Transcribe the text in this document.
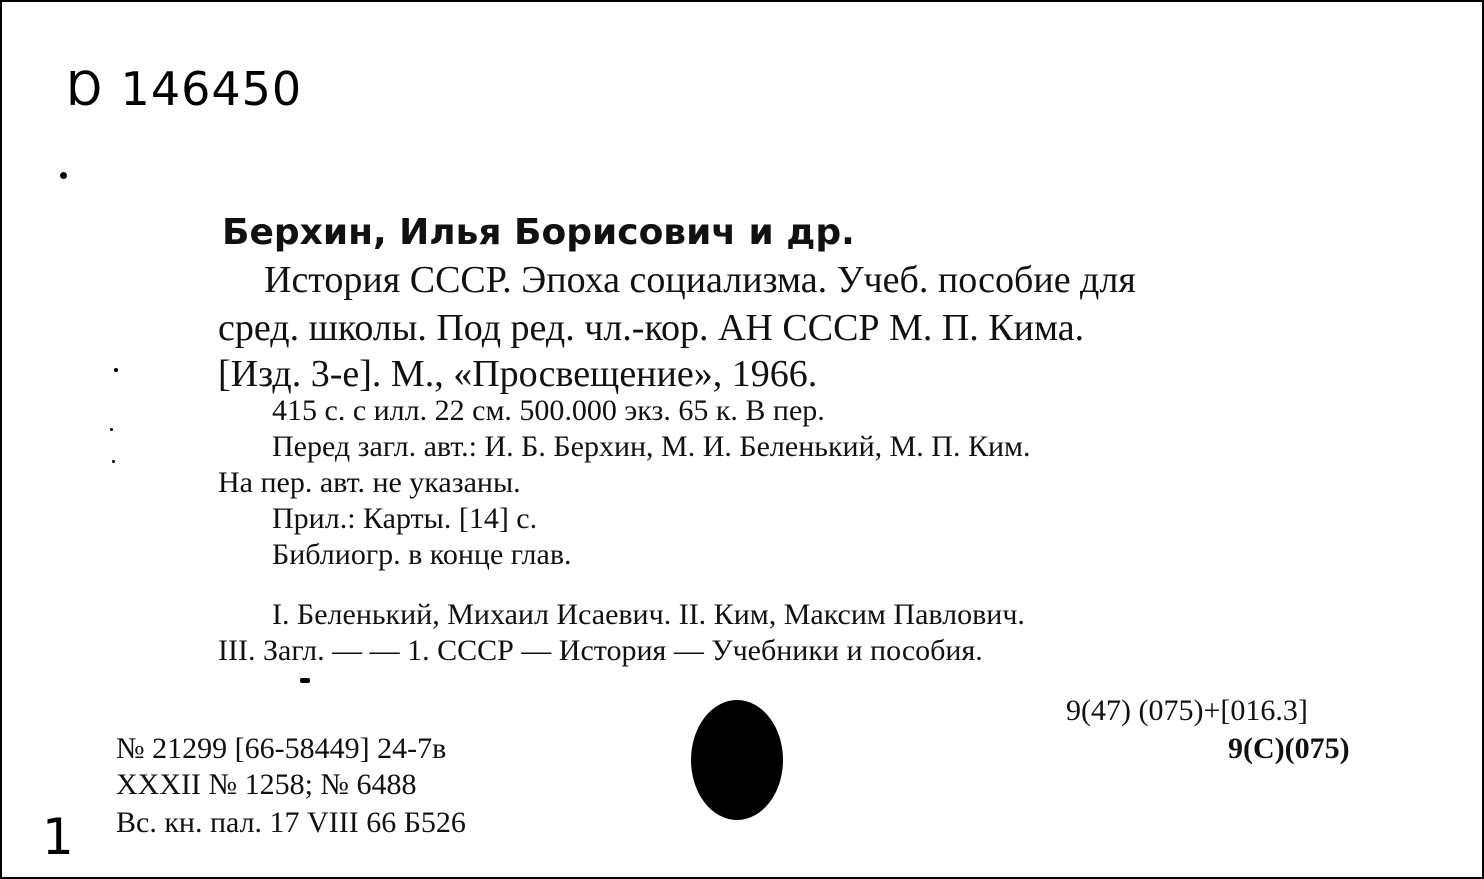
Ɒ 146450
Берхин, Илья Борисович и др.
История СССР. Эпоха социализма. Учеб. пособие для
сред. школы. Под ред. чл.-кор. АН СССР М. П. Кима.
[Изд. 3-е]. М., «Просвещение», 1966.
415 с. с илл. 22 см. 500.000 экз. 65 к. В пер.
Перед загл. авт.: И. Б. Берхин, М. И. Беленький, М. П. Ким.
На пер. авт. не указаны.
Прил.: Карты. [14] с.
Библиогр. в конце глав.
I. Беленький, Михаил Исаевич. II. Ким, Максим Павлович.
III. Загл. — — 1. СССР — История — Учебники и пособия.
9(47) (075)+[016.3]
9(С)(075)
№ 21299 [66-58449] 24-7в
XXXII № 1258; № 6488
Вс. кн. пал. 17 VIII 66 Б526
1
